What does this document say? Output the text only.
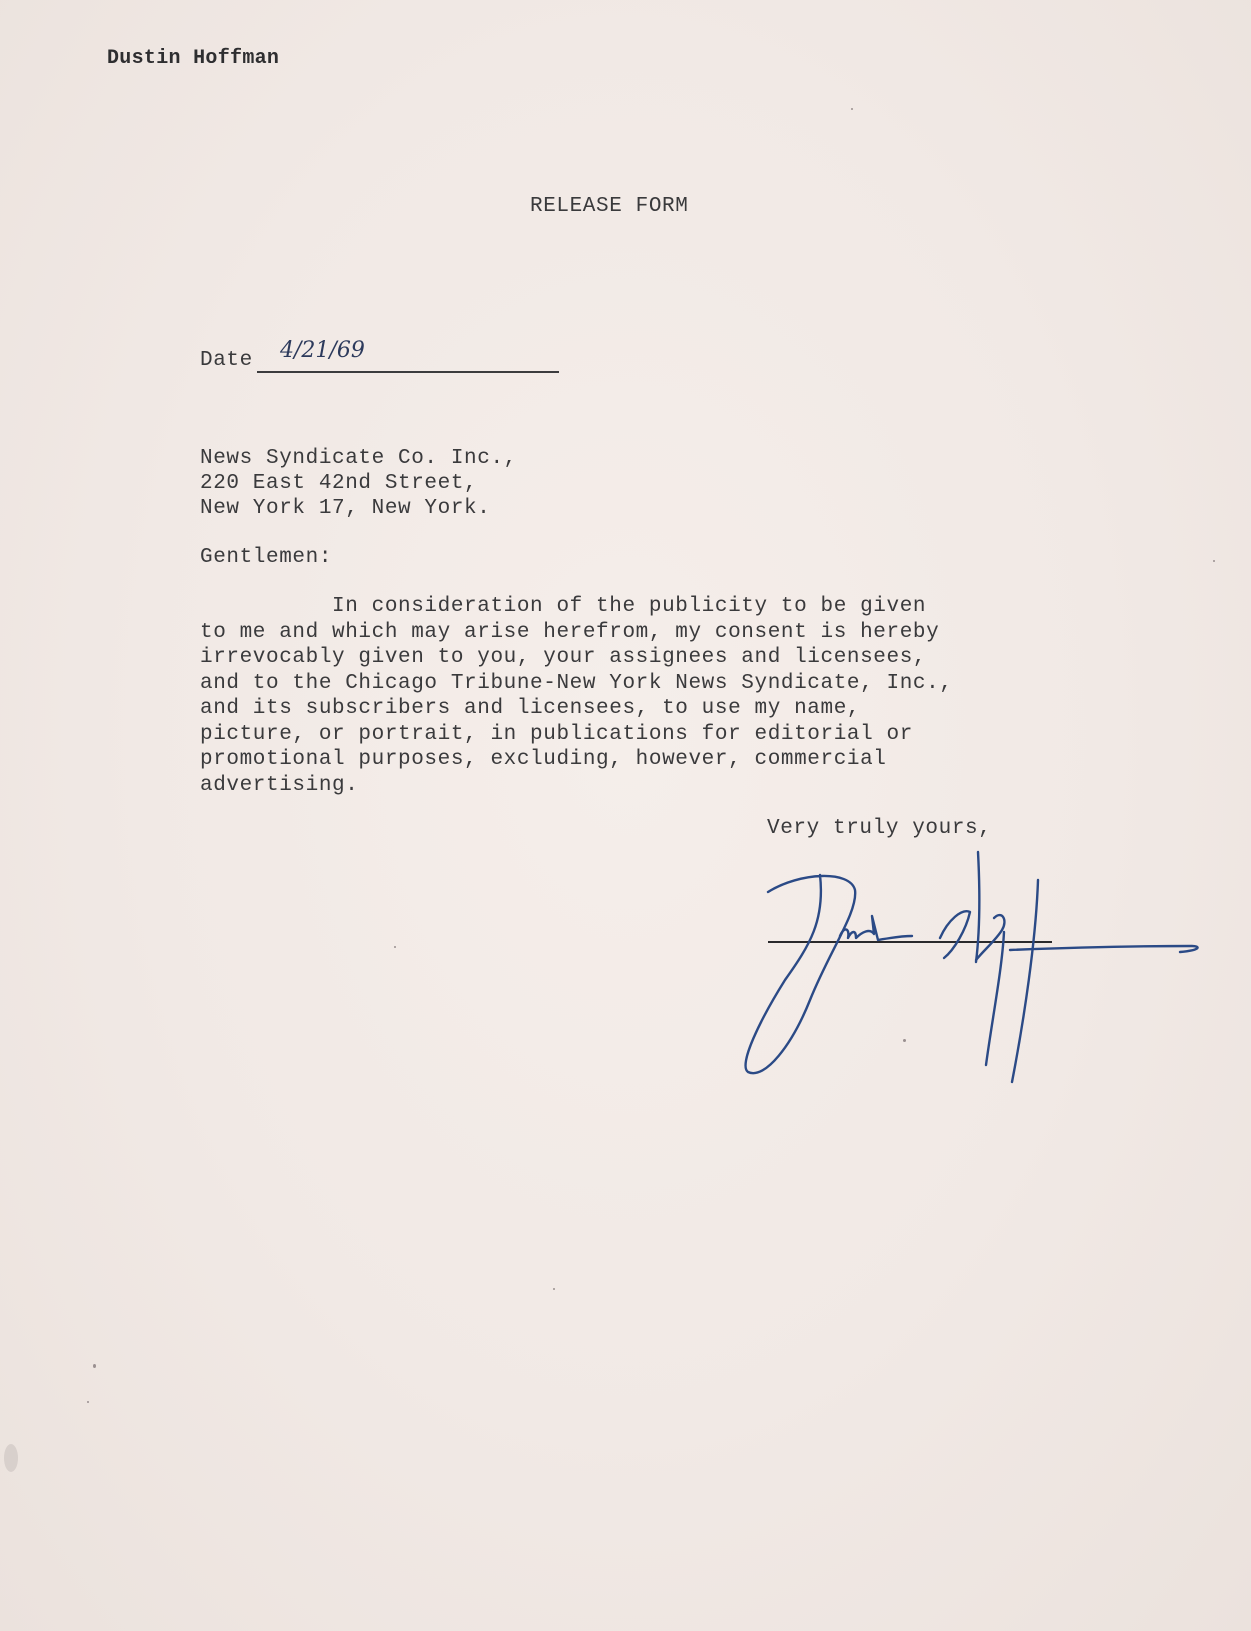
Dustin Hoffman
RELEASE FORM
Date 4/21/69
News Syndicate Co. Inc.,
220 East 42nd Street,
New York 17, New York.
Gentlemen:
In consideration of the publicity to be given
to me and which may arise herefrom, my consent is hereby
irrevocably given to you, your assignees and licensees,
and to the Chicago Tribune-New York News Syndicate, Inc.,
and its subscribers and licensees, to use my name,
picture, or portrait, in publications for editorial or
promotional purposes, excluding, however, commercial
advertising.
Very truly yours,
